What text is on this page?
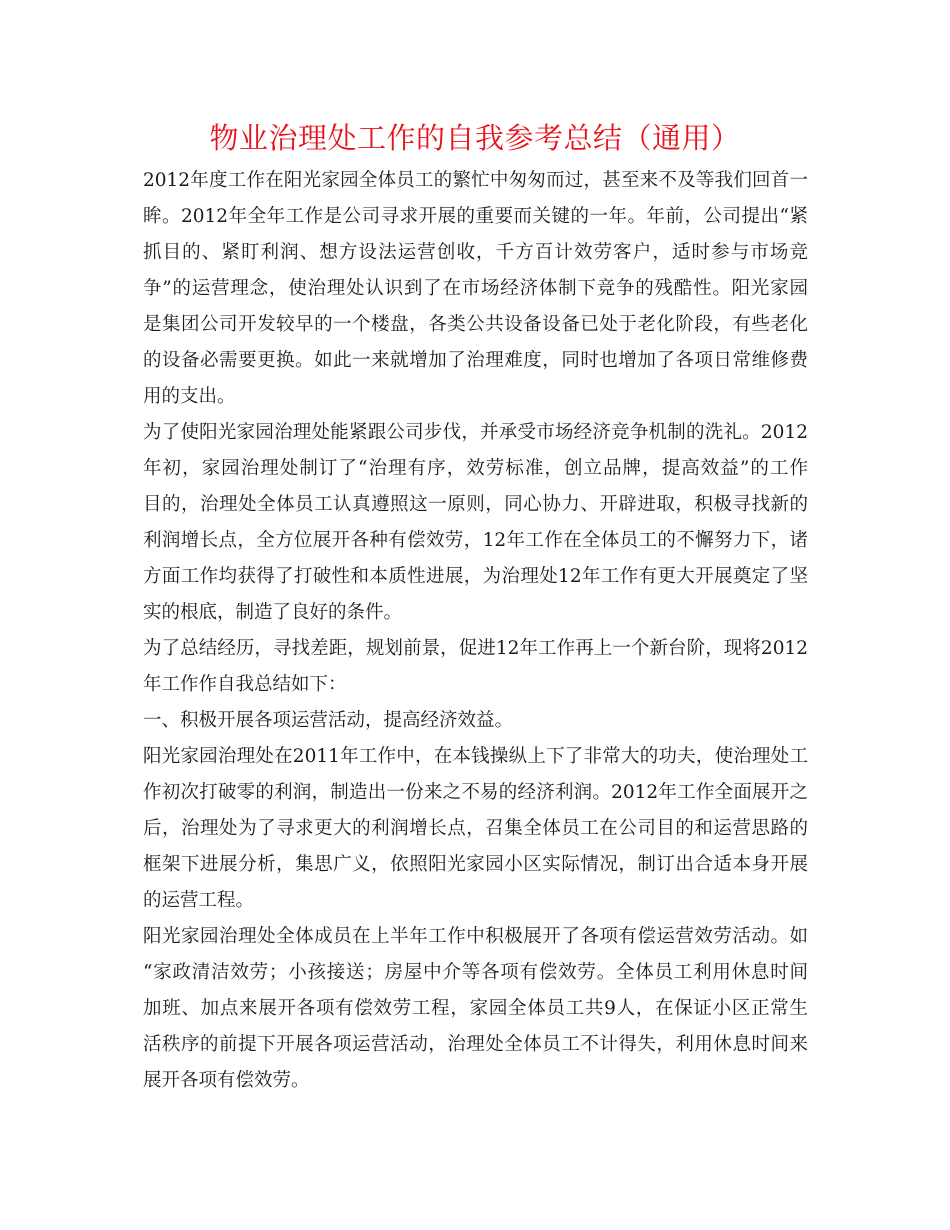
物业治理处工作的自我参考总结（通用）
2012年度工作在阳光家园全体员工的繁忙中匆匆而过，甚至来不及等我们回首一
眸。2012年全年工作是公司寻求开展的重要而关键的一年。年前，公司提出“紧
抓目的、紧盯利润、想方设法运营创收，千方百计效劳客户，适时参与市场竞
争”的运营理念，使治理处认识到了在市场经济体制下竞争的残酷性。阳光家园
是集团公司开发较早的一个楼盘，各类公共设备设备已处于老化阶段，有些老化
的设备必需要更换。如此一来就增加了治理难度，同时也增加了各项日常维修费
用的支出。
为了使阳光家园治理处能紧跟公司步伐，并承受市场经济竞争机制的洗礼。2012
年初，家园治理处制订了“治理有序，效劳标准，创立品牌，提高效益”的工作
目的，治理处全体员工认真遵照这一原则，同心协力、开辟进取，积极寻找新的
利润增长点，全方位展开各种有偿效劳，12年工作在全体员工的不懈努力下，诸
方面工作均获得了打破性和本质性进展，为治理处12年工作有更大开展奠定了坚
实的根底，制造了良好的条件。
为了总结经历，寻找差距，规划前景，促进12年工作再上一个新台阶，现将2012
年工作作自我总结如下：
一、积极开展各项运营活动，提高经济效益。
阳光家园治理处在2011年工作中，在本钱操纵上下了非常大的功夫，使治理处工
作初次打破零的利润，制造出一份来之不易的经济利润。2012年工作全面展开之
后，治理处为了寻求更大的利润增长点，召集全体员工在公司目的和运营思路的
框架下进展分析，集思广义，依照阳光家园小区实际情况，制订出合适本身开展
的运营工程。
阳光家园治理处全体成员在上半年工作中积极展开了各项有偿运营效劳活动。如
“家政清洁效劳；小孩接送；房屋中介等各项有偿效劳。全体员工利用休息时间
加班、加点来展开各项有偿效劳工程，家园全体员工共9人，在保证小区正常生
活秩序的前提下开展各项运营活动，治理处全体员工不计得失，利用休息时间来
展开各项有偿效劳。
